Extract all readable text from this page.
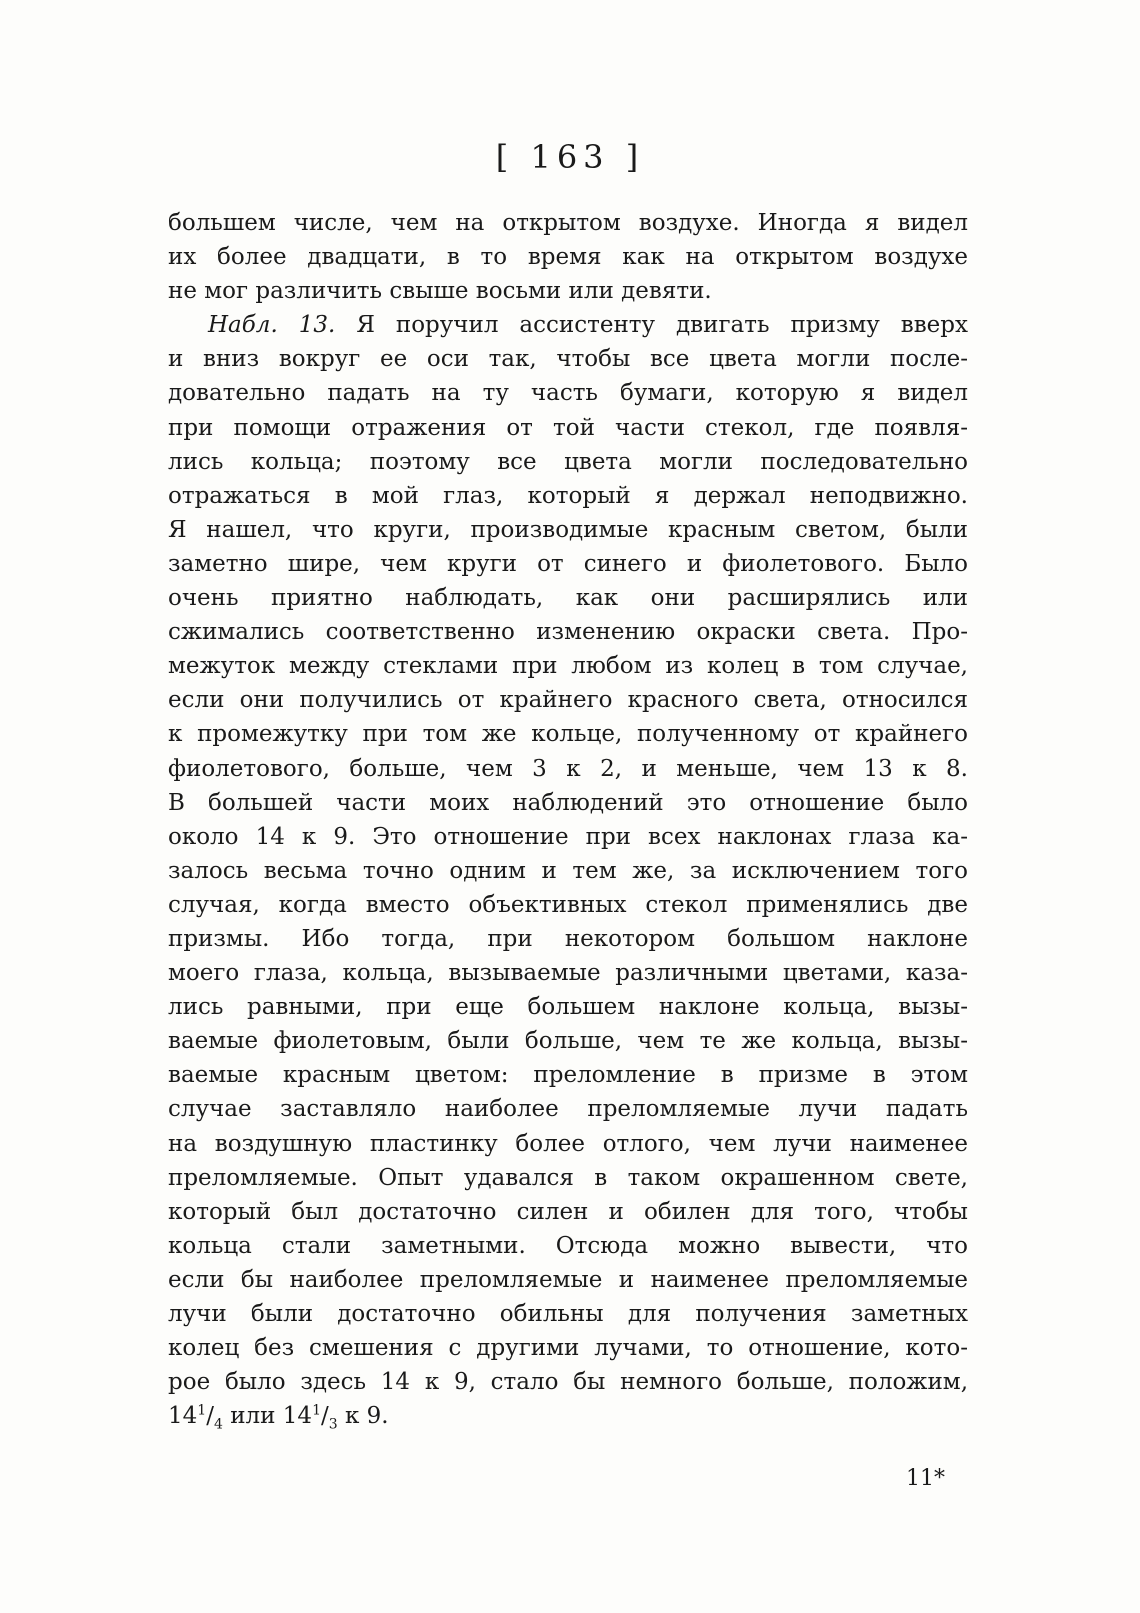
[ 163 ]
большем числе, чем на открытом воздухе. Иногда я видел
их более двадцати, в то время как на открытом воздухе
не мог различить свыше восьми или девяти.
Набл. 13. Я поручил ассистенту двигать призму вверх
и вниз вокруг ее оси так, чтобы все цвета могли после-
довательно падать на ту часть бумаги, которую я видел
при помощи отражения от той части стекол, где появля-
лись кольца; поэтому все цвета могли последовательно
отражаться в мой глаз, который я держал неподвижно.
Я нашел, что круги, производимые красным светом, были
заметно шире, чем круги от синего и фиолетового. Было
очень приятно наблюдать, как они расширялись или
сжимались соответственно изменению окраски света. Про-
межуток между стеклами при любом из колец в том случае,
если они получились от крайнего красного света, относился
к промежутку при том же кольце, полученному от крайнего
фиолетового, больше, чем 3 к 2, и меньше, чем 13 к 8.
В большей части моих наблюдений это отношение было
около 14 к 9. Это отношение при всех наклонах глаза ка-
залось весьма точно одним и тем же, за исключением того
случая, когда вместо объективных стекол применялись две
призмы. Ибо тогда, при некотором большом наклоне
моего глаза, кольца, вызываемые различными цветами, каза-
лись равными, при еще большем наклоне кольца, вызы-
ваемые фиолетовым, были больше, чем те же кольца, вызы-
ваемые красным цветом: преломление в призме в этом
случае заставляло наиболее преломляемые лучи падать
на воздушную пластинку более отлого, чем лучи наименее
преломляемые. Опыт удавался в таком окрашенном свете,
который был достаточно силен и обилен для того, чтобы
кольца стали заметными. Отсюда можно вывести, что
если бы наиболее преломляемые и наименее преломляемые
лучи были достаточно обильны для получения заметных
колец без смешения с другими лучами, то отношение, кото-
рое было здесь 14 к 9, стало бы немного больше, положим,
$14^1/_4$ или $14^1/_3$ к 9.
11*
